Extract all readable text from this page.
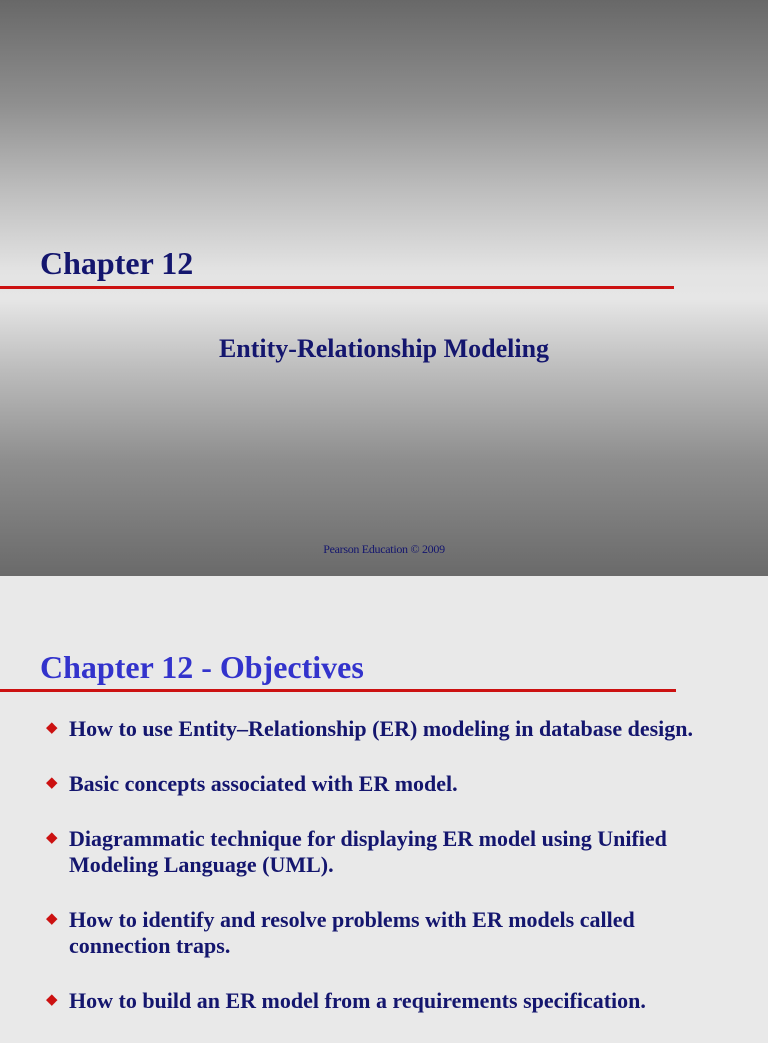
Chapter 12
Entity-Relationship Modeling
Pearson Education © 2009
Chapter 12 - Objectives
◆ How to use Entity–Relationship (ER) modeling in database design.
◆ Basic concepts associated with ER model.
◆ Diagrammatic technique for displaying ER model using Unified Modeling Language (UML).
◆ How to identify and resolve problems with ER models called connection traps.
◆ How to build an ER model from a requirements specification.
